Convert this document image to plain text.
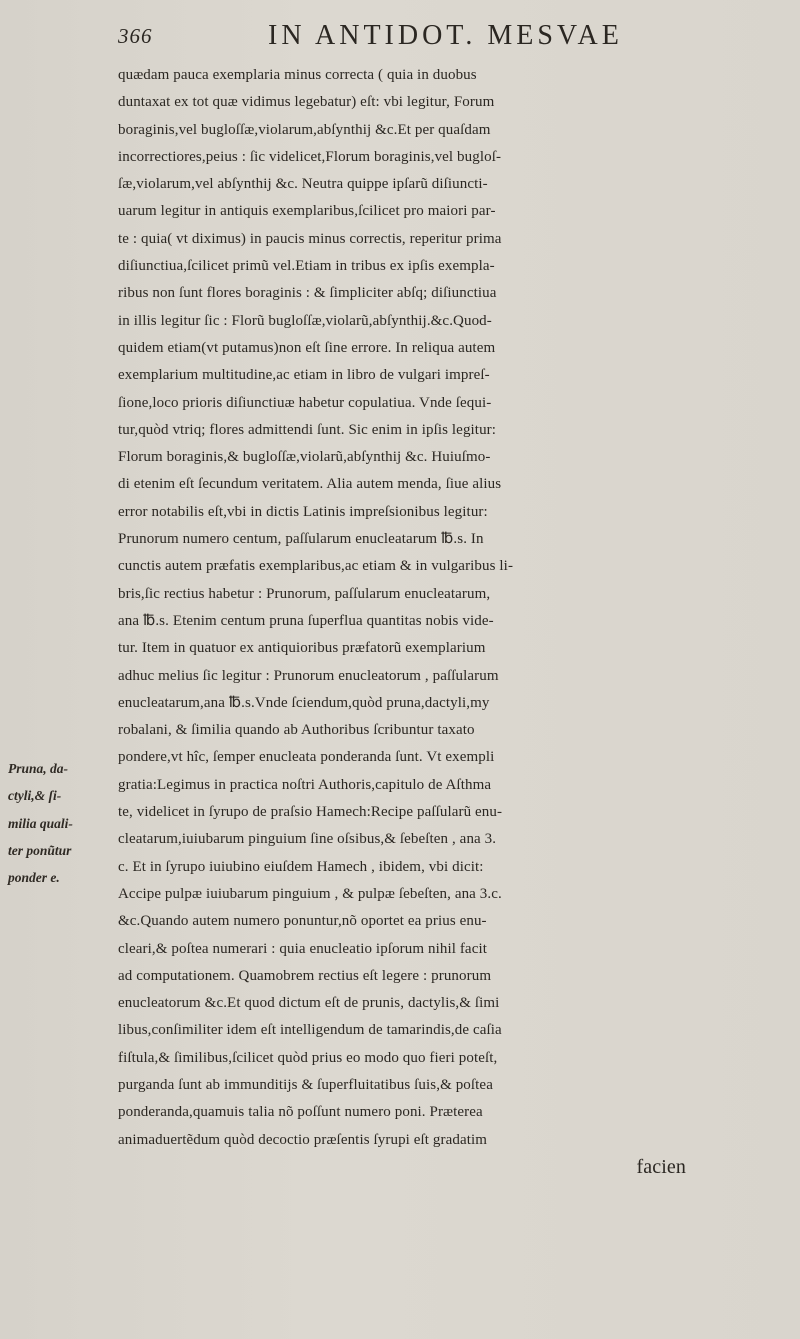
366	IN ANTIDOT. MESVAE
quædam pauca exemplaria minus correcta ( quia in duobus
duntaxat ex tot quæ vidimus legebatur) eſt: vbi legitur, Forum
boraginis,vel bugloſſæ,violarum,abſynthij &c.Et per quaſdam
incorrectiores,peius : ſic videlicet,Florum boraginis,vel bugloſ-
ſæ,violarum,vel abſynthij &c. Neutra quippe ipſarũ diſiuncti-
uarum legitur in antiquis exemplaribus,ſcilicet pro maiori par-
te : quia( vt diximus) in paucis minus correctis, reperitur prima
diſiunctiua,ſcilicet primũ vel.Etiam in tribus ex ipſis exempla-
ribus non ſunt flores boraginis : & ſimpliciter abſq; diſiunctiua
in illis legitur ſic : Florũ bugloſſæ,violarũ,abſynthij.&c.Quod-
quidem etiam(vt putamus)non eſt ſine errore. In reliqua autem
exemplarium multitudine,ac etiam in libro de vulgari impreſ-
ſione,loco prioris diſiunctiuæ habetur copulatiua. Vnde ſequi-
tur,quòd vtriq; flores admittendi ſunt. Sic enim in ipſis legitur:
Florum boraginis,& bugloſſæ,violarũ,abſynthij &c. Huiuſmo-
di etenim eſt ſecundum veritatem. Alia autem menda, ſiue alius
error notabilis eſt,vbi in dictis Latinis impreſsionibus legitur:
Prunorum numero centum, paſſularum enucleatarum ℔.s. In
cunctis autem præfatis exemplaribus,ac etiam & in vulgaribus li-
bris,ſic rectius habetur : Prunorum, paſſularum enucleatarum,
ana ℔.s. Etenim centum pruna ſuperflua quantitas nobis vide-
tur. Item in quatuor ex antiquioribus præfatorũ exemplarium
adhuc melius ſic legitur : Prunorum enucleatorum , paſſularum
enucleatarum,ana ℔.s.Vnde ſciendum,quòd pruna,dactyli,my
robalani, & ſimilia quando ab Authoribus ſcribuntur taxato
pondere,vt hîc, ſemper enucleata ponderanda ſunt. Vt exempli
gratia:Legimus in practica noſtri Authoris,capitulo de Aſthma
te, videlicet in ſyrupo de praſsio Hamech:Recipe paſſularũ enu-
cleatarum,iuiubarum pinguium ſine oſsibus,& ſebeſten , ana 3.
c. Et in ſyrupo iuiubino eiuſdem Hamech , ibidem, vbi dicit:
Accipe pulpæ iuiubarum pinguium , & pulpæ ſebeſten, ana 3.c.
&c.Quando autem numero ponuntur,nõ oportet ea prius enu-
cleari,& poſtea numerari : quia enucleatio ipſorum nihil facit
ad computationem. Quamobrem rectius eſt legere : prunorum
enucleatorum &c.Et quod dictum eſt de prunis, dactylis,& ſimi
libus,conſimiliter idem eſt intelligendum de tamarindis,de caſia
fiſtula,& ſimilibus,ſcilicet quòd prius eo modo quo fieri poteſt,
purganda ſunt ab immunditijs & ſuperfluitatibus ſuis,& poſtea
ponderanda,quamuis talia nõ poſſunt numero poni. Præterea
animaduertẽdum quòd decoctio præſentis ſyrupi eſt gradatim
facien
Pruna, da-
ctyli,& ſi-
milia quali-
ter ponũtur
ponder e.
